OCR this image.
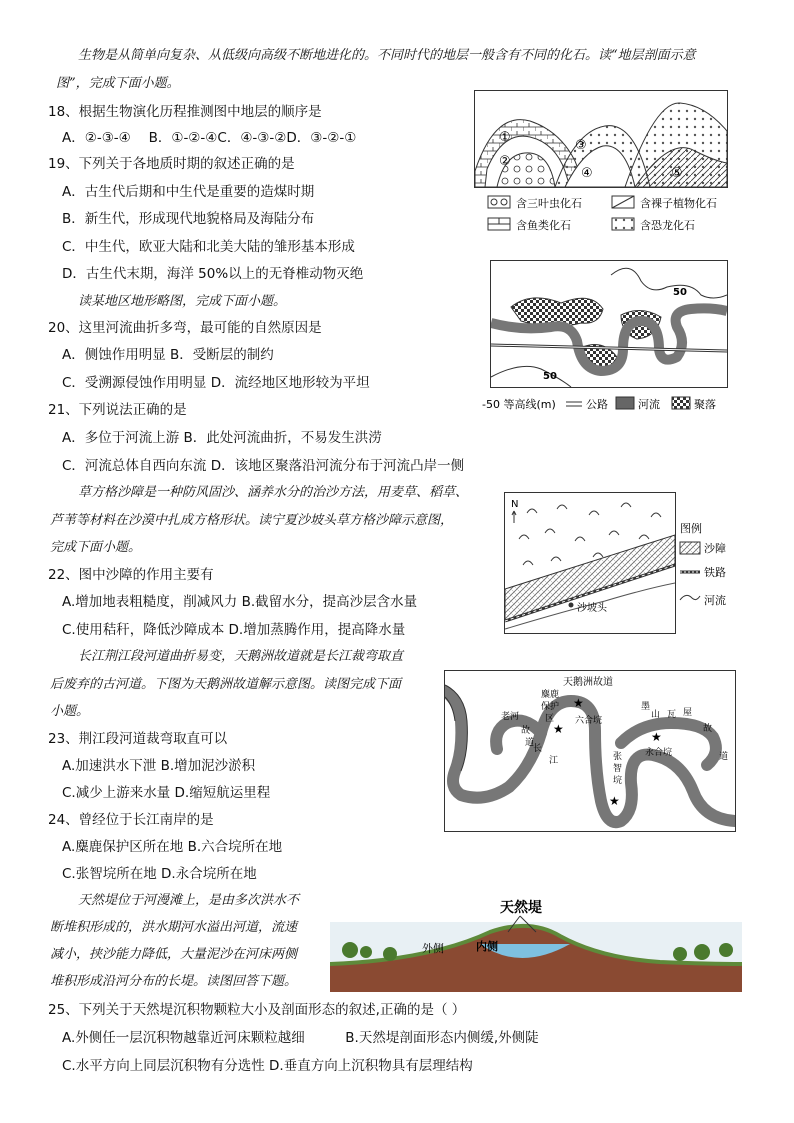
生物是从简单向复杂、从低级向高级不断地进化的。不同时代的地层一般含有不同的化石。读“地层剖面示意
图”，完成下面小题。
18、根据生物演化历程推测图中地层的顺序是
A．②-③-④　 B．①-②-④C．④-③-②D．③-②-①
19、下列关于各地质时期的叙述正确的是
A．古生代后期和中生代是重要的造煤时期
B．新生代，形成现代地貌格局及海陆分布
C．中生代，欧亚大陆和北美大陆的雏形基本形成
D．古生代末期，海洋 50%以上的无脊椎动物灭绝
读某地区地形略图，完成下面小题。
20、这里河流曲折多弯，最可能的自然原因是
A．侧蚀作用明显 B．受断层的制约
C．受溯源侵蚀作用明显 D．流经地区地形较为平坦
21、下列说法正确的是
A．多位于河流上游 B．此处河流曲折，不易发生洪涝
C．河流总体自西向东流 D．该地区聚落沿河流分布于河流凸岸一侧
草方格沙障是一种防风固沙、涵养水分的治沙方法，用麦草、稻草、
芦苇等材料在沙漠中扎成方格形状。读宁夏沙坡头草方格沙障示意图，
完成下面小题。
22、图中沙障的作用主要有
A.增加地表粗糙度，削减风力 B.截留水分，提高沙层含水量
C.使用秸秆，降低沙障成本 D.增加蒸腾作用，提高降水量
长江荆江段河道曲折易变，天鹅洲故道就是长江裁弯取直
后废弃的古河道。下图为天鹅洲故道解示意图。读图完成下面
小题。
23、荆江段河道裁弯取直可以
A.加速洪水下泄 B.增加泥沙淤积
C.减少上游来水量 D.缩短航运里程
24、曾经位于长江南岸的是
A.麋鹿保护区所在地 B.六合垸所在地
C.张智垸所在地 D.永合垸所在地
天然堤位于河漫滩上，是由多次洪水不
断堆积形成的，洪水期河水溢出河道，流速
减小，挟沙能力降低，大量泥沙在河床两侧
堆积形成沿河分布的长堤。读图回答下题。
25、下列关于天然堤沉积物颗粒大小及剖面形态的叙述,正确的是（ ）
A.外侧任一层沉积物越靠近河床颗粒越细　　　B.天然堤剖面形态内侧缓,外侧陡
C.水平方向上同层沉积物有分选性 D.垂直方向上沉积物具有层理结构
①
②
③
④	⑤
含三叶虫化石	含裸子植物化石
含鱼类化石	含恐龙化石
50
50
-50 等高线(m)	公路	河流	聚落
N
沙坡头
图例
沙障
铁路
河流
天鹅洲故道
麋鹿
保护
区
老河
故
道
★
★
六合垸
墨
山 瓦 屋
★
永合垸
故
道
长
江	张
智
垸
★
天然堤
外侧	内侧
